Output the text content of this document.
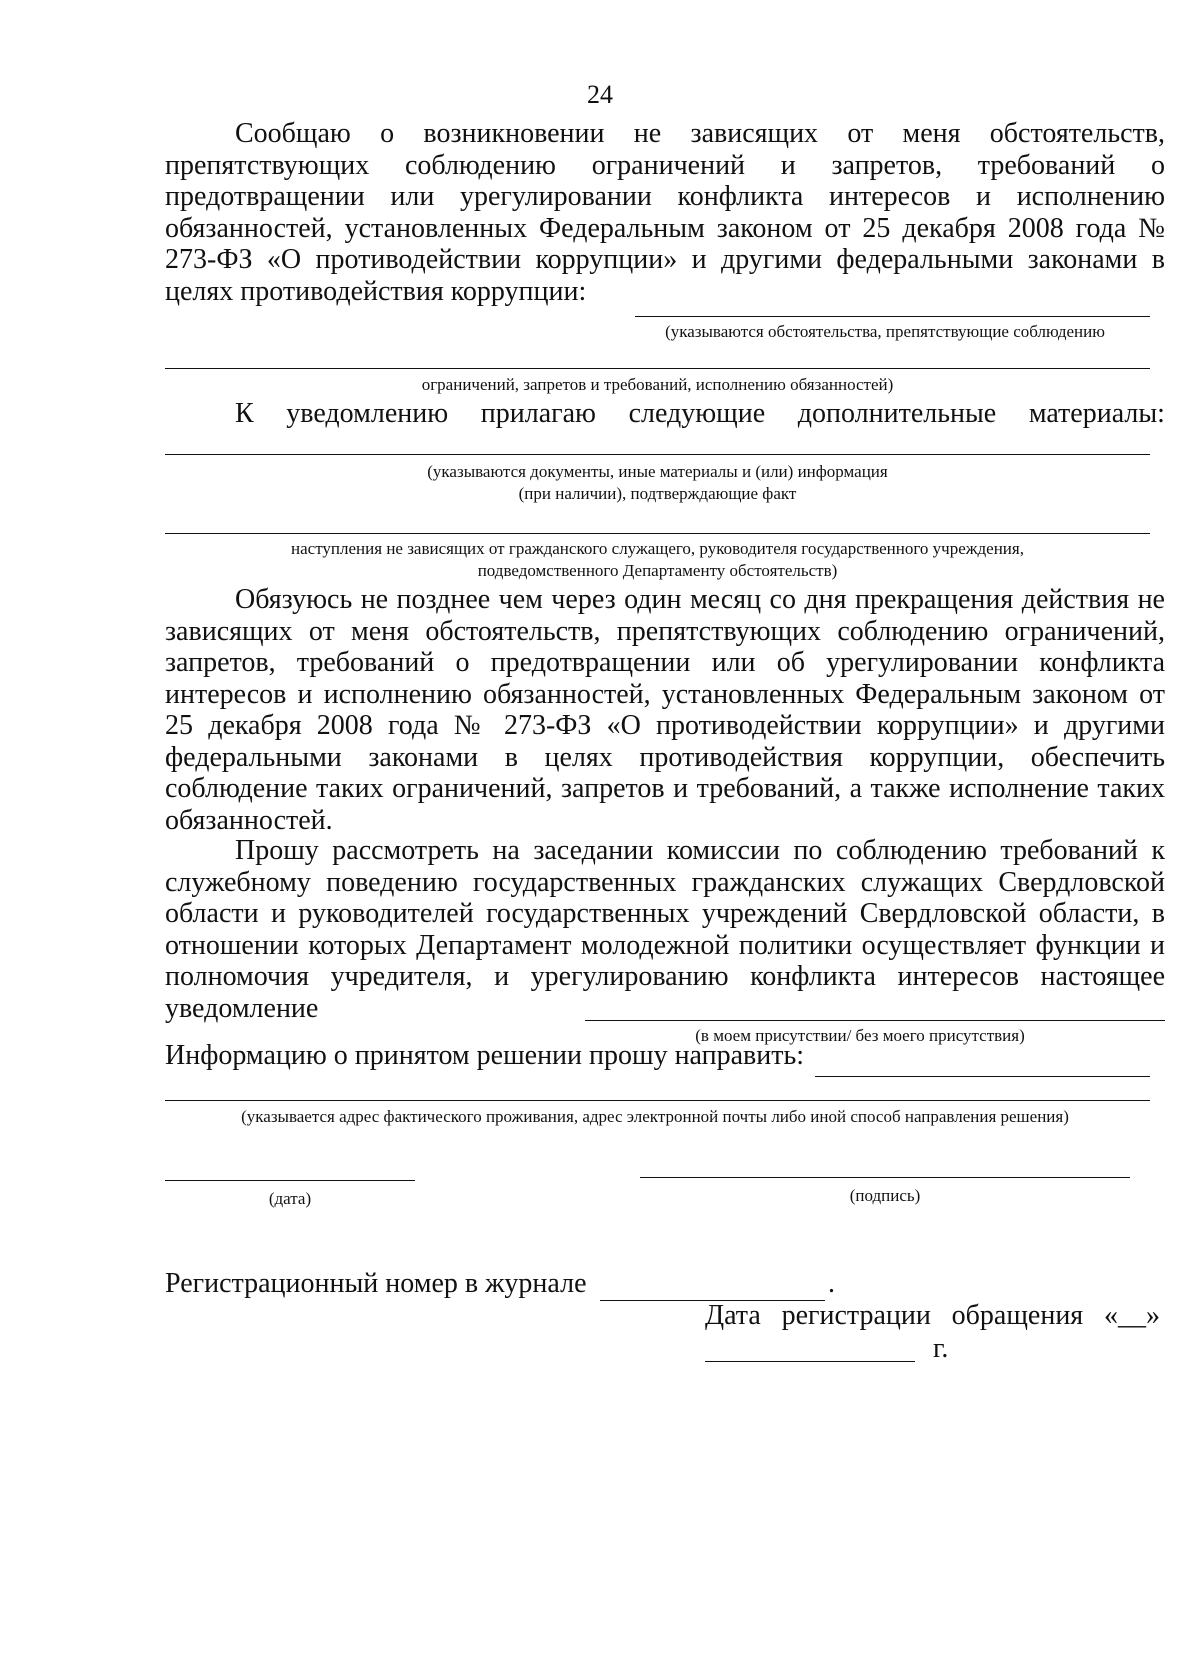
24

Сообщаю о возникновении не зависящих от меня обстоятельств, препятствующих соблюдению ограничений и запретов, требований о предотвращении или урегулировании конфликта интересов и исполнению обязанностей, установленных Федеральным законом от 25 декабря 2008 года № 273-ФЗ «О противодействии коррупции» и другими федеральными законами в целях противодействия коррупции:

(указываются обстоятельства, препятствующие соблюдению
ограничений, запретов и требований, исполнению обязанностей)
К уведомлению прилагаю следующие дополнительные материалы:
(указываются документы, иные материалы и (или) информация
(при наличии), подтверждающие факт
наступления не зависящих от гражданского служащего, руководителя государственного учреждения,
подведомственного Департаменту обстоятельств)

Обязуюсь не позднее чем через один месяц со дня прекращения действия не зависящих от меня обстоятельств, препятствующих соблюдению ограничений, запретов, требований о предотвращении или об урегулировании конфликта интересов и исполнению обязанностей, установленных Федеральным законом от 25 декабря 2008 года № 273-ФЗ «О противодействии коррупции» и другими федеральными законами в целях противодействия коррупции, обеспечить соблюдение таких ограничений, запретов и требований, а также исполнение таких обязанностей.

Прошу рассмотреть на заседании комиссии по соблюдению требований к служебному поведению государственных гражданских служащих Свердловской области и руководителей государственных учреждений Свердловской области, в отношении которых Департамент молодежной политики осуществляет функции и полномочия учредителя, и урегулированию конфликта интересов настоящее уведомление

(в моем присутствии/ без моего присутствия)
Информацию о принятом решении прошу направить:
(указывается адрес фактического проживания, адрес электронной почты либо иной способ направления решения)
(дата)	(подпись)
Регистрационный номер в журнале	.
Дата регистрации обращения «__»
г.
